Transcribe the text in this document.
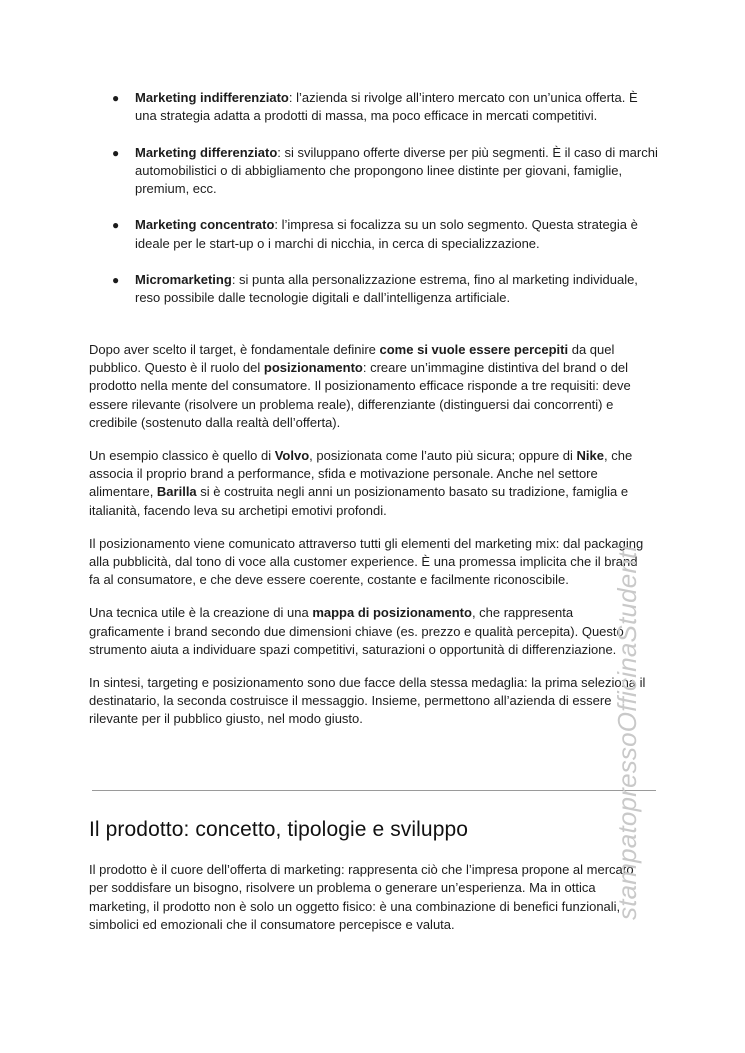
● Marketing indifferenziato: l’azienda si rivolge all’intero mercato con un’unica offerta. È una strategia adatta a prodotti di massa, ma poco efficace in mercati competitivi.
● Marketing differenziato: si sviluppano offerte diverse per più segmenti. È il caso di marchi automobilistici o di abbigliamento che propongono linee distinte per giovani, famiglie, premium, ecc.
● Marketing concentrato: l’impresa si focalizza su un solo segmento. Questa strategia è ideale per le start-up o i marchi di nicchia, in cerca di specializzazione.
● Micromarketing: si punta alla personalizzazione estrema, fino al marketing individuale, reso possibile dalle tecnologie digitali e dall’intelligenza artificiale.

Dopo aver scelto il target, è fondamentale definire come si vuole essere percepiti da quel pubblico. Questo è il ruolo del posizionamento: creare un’immagine distintiva del brand o del prodotto nella mente del consumatore. Il posizionamento efficace risponde a tre requisiti: deve essere rilevante (risolvere un problema reale), differenziante (distinguersi dai concorrenti) e credibile (sostenuto dalla realtà dell’offerta).

Un esempio classico è quello di Volvo, posizionata come l’auto più sicura; oppure di Nike, che associa il proprio brand a performance, sfida e motivazione personale. Anche nel settore alimentare, Barilla si è costruita negli anni un posizionamento basato su tradizione, famiglia e italianità, facendo leva su archetipi emotivi profondi.

Il posizionamento viene comunicato attraverso tutti gli elementi del marketing mix: dal packaging alla pubblicità, dal tono di voce alla customer experience. È una promessa implicita che il brand fa al consumatore, e che deve essere coerente, costante e facilmente riconoscibile.

Una tecnica utile è la creazione di una mappa di posizionamento, che rappresenta graficamente i brand secondo due dimensioni chiave (es. prezzo e qualità percepita). Questo strumento aiuta a individuare spazi competitivi, saturazioni o opportunità di differenziazione.

In sintesi, targeting e posizionamento sono due facce della stessa medaglia: la prima seleziona il destinatario, la seconda costruisce il messaggio. Insieme, permettono all’azienda di essere rilevante per il pubblico giusto, nel modo giusto.

Il prodotto: concetto, tipologie e sviluppo

Il prodotto è il cuore dell’offerta di marketing: rappresenta ciò che l’impresa propone al mercato per soddisfare un bisogno, risolvere un problema o generare un’esperienza. Ma in ottica marketing, il prodotto non è solo un oggetto fisico: è una combinazione di benefici funzionali, simbolici ed emozionali che il consumatore percepisce e valuta.

stampatopressoOfficinaStudenti
